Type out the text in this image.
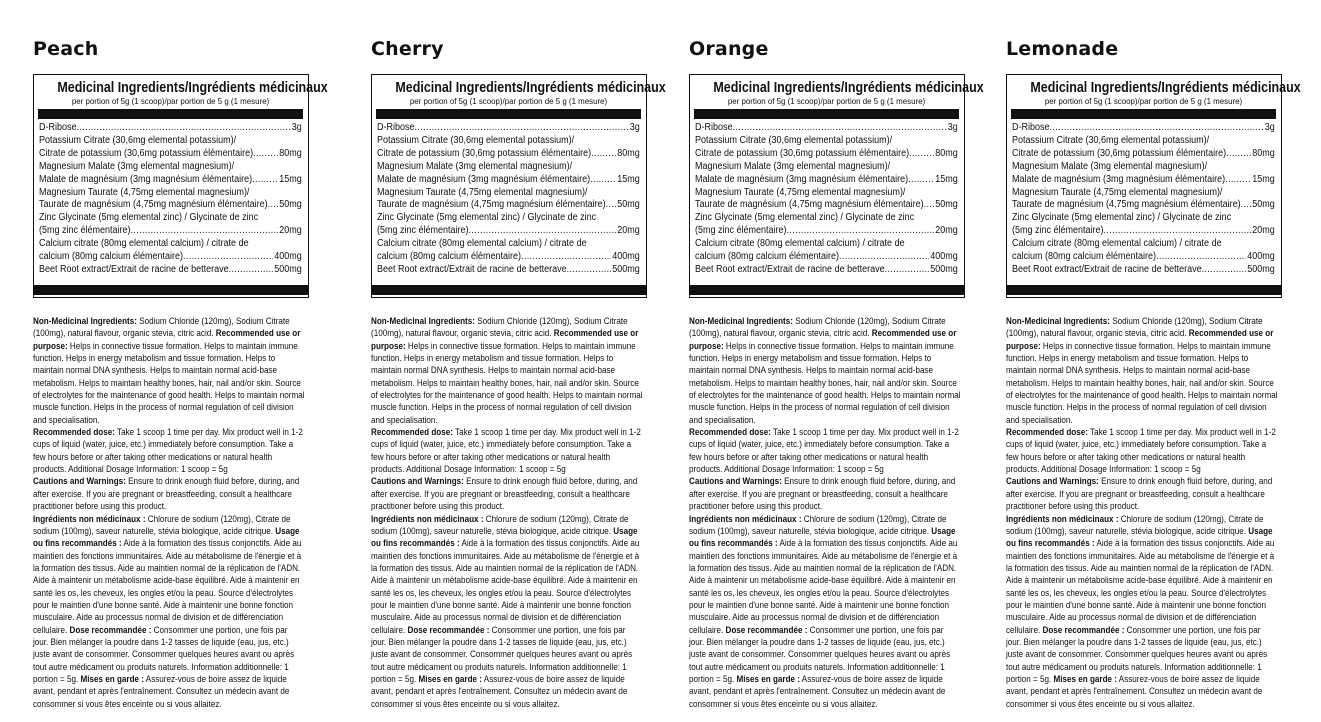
Peach
Medicinal Ingredients/Ingrédients médicinaux
per portion of 5g (1 scoop)/par portion de 5 g (1 mesure)
D-Ribose .....	3g
Potassium Citrate (30,6mg elemental potassium)/
Citrate de potassium (30,6mg potassium élémentaire) .....	80mg
Magnesium Malate (3mg elemental magnesium)/
Malate de magnésium (3mg magnésium élémentaire) .....	15mg
Magnesium Taurate (4,75mg elemental magnesium)/
Taurate de magnésium (4,75mg magnésium élémentaire) ..... 50mg
Zinc Glycinate (5mg elemental zinc) / Glycinate de zinc
(5mg zinc élémentaire) .....	20mg
Calcium citrate (80mg elemental calcium) / citrate de
calcium (80mg calcium élémentaire) .....	400mg
Beet Root extract/Extrait de racine de betterave .....	500mg

Non-Medicinal Ingredients: Sodium Chloride (120mg), Sodium Citrate (100mg), natural flavour, organic stevia, citric acid. Recommended use or purpose: Helps in connective tissue formation. Helps to maintain immune function. Helps in energy metabolism and tissue formation. Helps to maintain normal DNA synthesis. Helps to maintain normal acid-base metabolism. Helps to maintain healthy bones, hair, nail and/or skin. Source of electrolytes for the maintenance of good health. Helps to maintain normal muscle function. Helps in the process of normal regulation of cell division and specialisation.

Recommended dose: Take 1 scoop 1 time per day. Mix product well in 1-2 cups of liquid (water, juice, etc.) immediately before consumption. Take a few hours before or after taking other medications or natural health products. Additional Dosage Information: 1 scoop = 5g

Cautions and Warnings: Ensure to drink enough fluid before, during, and after exercise. If you are pregnant or breastfeeding, consult a healthcare practitioner before using this product.

Ingrédients non médicinaux : Chlorure de sodium (120mg), Citrate de sodium (100mg), saveur naturelle, stévia biologique, acide citrique. Usage ou fins recommandés : Aide à la formation des tissus conjonctifs. Aide au maintien des fonctions immunitaires. Aide au métabolisme de l'énergie et à la formation des tissus. Aide au maintien normal de la réplication de l'ADN. Aide à maintenir un métabolisme acide-base équilibré. Aide à maintenir en santé les os, les cheveux, les ongles et/ou la peau. Source d'électrolytes pour le maintien d'une bonne santé. Aide à maintenir une bonne fonction musculaire. Aide au processus normal de division et de différenciation cellulaire. Dose recommandée : Consommer une portion, une fois par jour. Bien mélanger la poudre dans 1-2 tasses de liquide (eau, jus, etc.) juste avant de consommer. Consommer quelques heures avant ou après tout autre médicament ou produits naturels. Information additionnelle: 1 portion = 5g. Mises en garde : Assurez-vous de boire assez de liquide avant, pendant et après l'entraînement. Consultez un médecin avant de consommer si vous êtes enceinte ou si vous allaitez.

Cherry
Medicinal Ingredients/Ingrédients médicinaux
per portion of 5g (1 scoop)/par portion de 5 g (1 mesure)
D-Ribose .....	3g
Potassium Citrate (30,6mg elemental potassium)/
Citrate de potassium (30,6mg potassium élémentaire) .....	80mg
Magnesium Malate (3mg elemental magnesium)/
Malate de magnésium (3mg magnésium élémentaire) .....	15mg
Magnesium Taurate (4,75mg elemental magnesium)/
Taurate de magnésium (4,75mg magnésium élémentaire) ..... 50mg
Zinc Glycinate (5mg elemental zinc) / Glycinate de zinc
(5mg zinc élémentaire) .....	20mg
Calcium citrate (80mg elemental calcium) / citrate de
calcium (80mg calcium élémentaire) .....	400mg
Beet Root extract/Extrait de racine de betterave .....	500mg

Non-Medicinal Ingredients: Sodium Chloride (120mg), Sodium Citrate (100mg), natural flavour, organic stevia, citric acid. Recommended use or purpose: Helps in connective tissue formation. Helps to maintain immune function. Helps in energy metabolism and tissue formation. Helps to maintain normal DNA synthesis. Helps to maintain normal acid-base metabolism. Helps to maintain healthy bones, hair, nail and/or skin. Source of electrolytes for the maintenance of good health. Helps to maintain normal muscle function. Helps in the process of normal regulation of cell division and specialisation.

Recommended dose: Take 1 scoop 1 time per day. Mix product well in 1-2 cups of liquid (water, juice, etc.) immediately before consumption. Take a few hours before or after taking other medications or natural health products. Additional Dosage Information: 1 scoop = 5g

Cautions and Warnings: Ensure to drink enough fluid before, during, and after exercise. If you are pregnant or breastfeeding, consult a healthcare practitioner before using this product.

Ingrédients non médicinaux : Chlorure de sodium (120mg), Citrate de sodium (100mg), saveur naturelle, stévia biologique, acide citrique. Usage ou fins recommandés : Aide à la formation des tissus conjonctifs. Aide au maintien des fonctions immunitaires. Aide au métabolisme de l'énergie et à la formation des tissus. Aide au maintien normal de la réplication de l'ADN. Aide à maintenir un métabolisme acide-base équilibré. Aide à maintenir en santé les os, les cheveux, les ongles et/ou la peau. Source d'électrolytes pour le maintien d'une bonne santé. Aide à maintenir une bonne fonction musculaire. Aide au processus normal de division et de différenciation cellulaire. Dose recommandée : Consommer une portion, une fois par jour. Bien mélanger la poudre dans 1-2 tasses de liquide (eau, jus, etc.) juste avant de consommer. Consommer quelques heures avant ou après tout autre médicament ou produits naturels. Information additionnelle: 1 portion = 5g. Mises en garde : Assurez-vous de boire assez de liquide avant, pendant et après l'entraînement. Consultez un médecin avant de consommer si vous êtes enceinte ou si vous allaitez.

Orange
Medicinal Ingredients/Ingrédients médicinaux
per portion of 5g (1 scoop)/par portion de 5 g (1 mesure)
D-Ribose .....	3g
Potassium Citrate (30,6mg elemental potassium)/
Citrate de potassium (30,6mg potassium élémentaire) .....	80mg
Magnesium Malate (3mg elemental magnesium)/
Malate de magnésium (3mg magnésium élémentaire) .....	15mg
Magnesium Taurate (4,75mg elemental magnesium)/
Taurate de magnésium (4,75mg magnésium élémentaire) ..... 50mg
Zinc Glycinate (5mg elemental zinc) / Glycinate de zinc
(5mg zinc élémentaire) .....	20mg
Calcium citrate (80mg elemental calcium) / citrate de
calcium (80mg calcium élémentaire) .....	400mg
Beet Root extract/Extrait de racine de betterave .....	500mg

Non-Medicinal Ingredients: Sodium Chloride (120mg), Sodium Citrate (100mg), natural flavour, organic stevia, citric acid. Recommended use or purpose: Helps in connective tissue formation. Helps to maintain immune function. Helps in energy metabolism and tissue formation. Helps to maintain normal DNA synthesis. Helps to maintain normal acid-base metabolism. Helps to maintain healthy bones, hair, nail and/or skin. Source of electrolytes for the maintenance of good health. Helps to maintain normal muscle function. Helps in the process of normal regulation of cell division and specialisation.

Recommended dose: Take 1 scoop 1 time per day. Mix product well in 1-2 cups of liquid (water, juice, etc.) immediately before consumption. Take a few hours before or after taking other medications or natural health products. Additional Dosage Information: 1 scoop = 5g

Cautions and Warnings: Ensure to drink enough fluid before, during, and after exercise. If you are pregnant or breastfeeding, consult a healthcare practitioner before using this product.

Ingrédients non médicinaux : Chlorure de sodium (120mg), Citrate de sodium (100mg), saveur naturelle, stévia biologique, acide citrique. Usage ou fins recommandés : Aide à la formation des tissus conjonctifs. Aide au maintien des fonctions immunitaires. Aide au métabolisme de l'énergie et à la formation des tissus. Aide au maintien normal de la réplication de l'ADN. Aide à maintenir un métabolisme acide-base équilibré. Aide à maintenir en santé les os, les cheveux, les ongles et/ou la peau. Source d'électrolytes pour le maintien d'une bonne santé. Aide à maintenir une bonne fonction musculaire. Aide au processus normal de division et de différenciation cellulaire. Dose recommandée : Consommer une portion, une fois par jour. Bien mélanger la poudre dans 1-2 tasses de liquide (eau, jus, etc.) juste avant de consommer. Consommer quelques heures avant ou après tout autre médicament ou produits naturels. Information additionnelle: 1 portion = 5g. Mises en garde : Assurez-vous de boire assez de liquide avant, pendant et après l'entraînement. Consultez un médecin avant de consommer si vous êtes enceinte ou si vous allaitez.

Lemonade
Medicinal Ingredients/Ingrédients médicinaux
per portion of 5g (1 scoop)/par portion de 5 g (1 mesure)
D-Ribose .....	3g
Potassium Citrate (30,6mg elemental potassium)/
Citrate de potassium (30,6mg potassium élémentaire) .....	80mg
Magnesium Malate (3mg elemental magnesium)/
Malate de magnésium (3mg magnésium élémentaire) .....	15mg
Magnesium Taurate (4,75mg elemental magnesium)/
Taurate de magnésium (4,75mg magnésium élémentaire) ..... 50mg
Zinc Glycinate (5mg elemental zinc) / Glycinate de zinc
(5mg zinc élémentaire) .....	20mg
Calcium citrate (80mg elemental calcium) / citrate de
calcium (80mg calcium élémentaire) .....	400mg
Beet Root extract/Extrait de racine de betterave .....	500mg

Non-Medicinal Ingredients: Sodium Chloride (120mg), Sodium Citrate (100mg), natural flavour, organic stevia, citric acid. Recommended use or purpose: Helps in connective tissue formation. Helps to maintain immune function. Helps in energy metabolism and tissue formation. Helps to maintain normal DNA synthesis. Helps to maintain normal acid-base metabolism. Helps to maintain healthy bones, hair, nail and/or skin. Source of electrolytes for the maintenance of good health. Helps to maintain normal muscle function. Helps in the process of normal regulation of cell division and specialisation.

Recommended dose: Take 1 scoop 1 time per day. Mix product well in 1-2 cups of liquid (water, juice, etc.) immediately before consumption. Take a few hours before or after taking other medications or natural health products. Additional Dosage Information: 1 scoop = 5g

Cautions and Warnings: Ensure to drink enough fluid before, during, and after exercise. If you are pregnant or breastfeeding, consult a healthcare practitioner before using this product.

Ingrédients non médicinaux : Chlorure de sodium (120mg), Citrate de sodium (100mg), saveur naturelle, stévia biologique, acide citrique. Usage ou fins recommandés : Aide à la formation des tissus conjonctifs. Aide au maintien des fonctions immunitaires. Aide au métabolisme de l'énergie et à la formation des tissus. Aide au maintien normal de la réplication de l'ADN. Aide à maintenir un métabolisme acide-base équilibré. Aide à maintenir en santé les os, les cheveux, les ongles et/ou la peau. Source d'électrolytes pour le maintien d'une bonne santé. Aide à maintenir une bonne fonction musculaire. Aide au processus normal de division et de différenciation cellulaire. Dose recommandée : Consommer une portion, une fois par jour. Bien mélanger la poudre dans 1-2 tasses de liquide (eau, jus, etc.) juste avant de consommer. Consommer quelques heures avant ou après tout autre médicament ou produits naturels. Information additionnelle: 1 portion = 5g. Mises en garde : Assurez-vous de boire assez de liquide avant, pendant et après l'entraînement. Consultez un médecin avant de consommer si vous êtes enceinte ou si vous allaitez.
